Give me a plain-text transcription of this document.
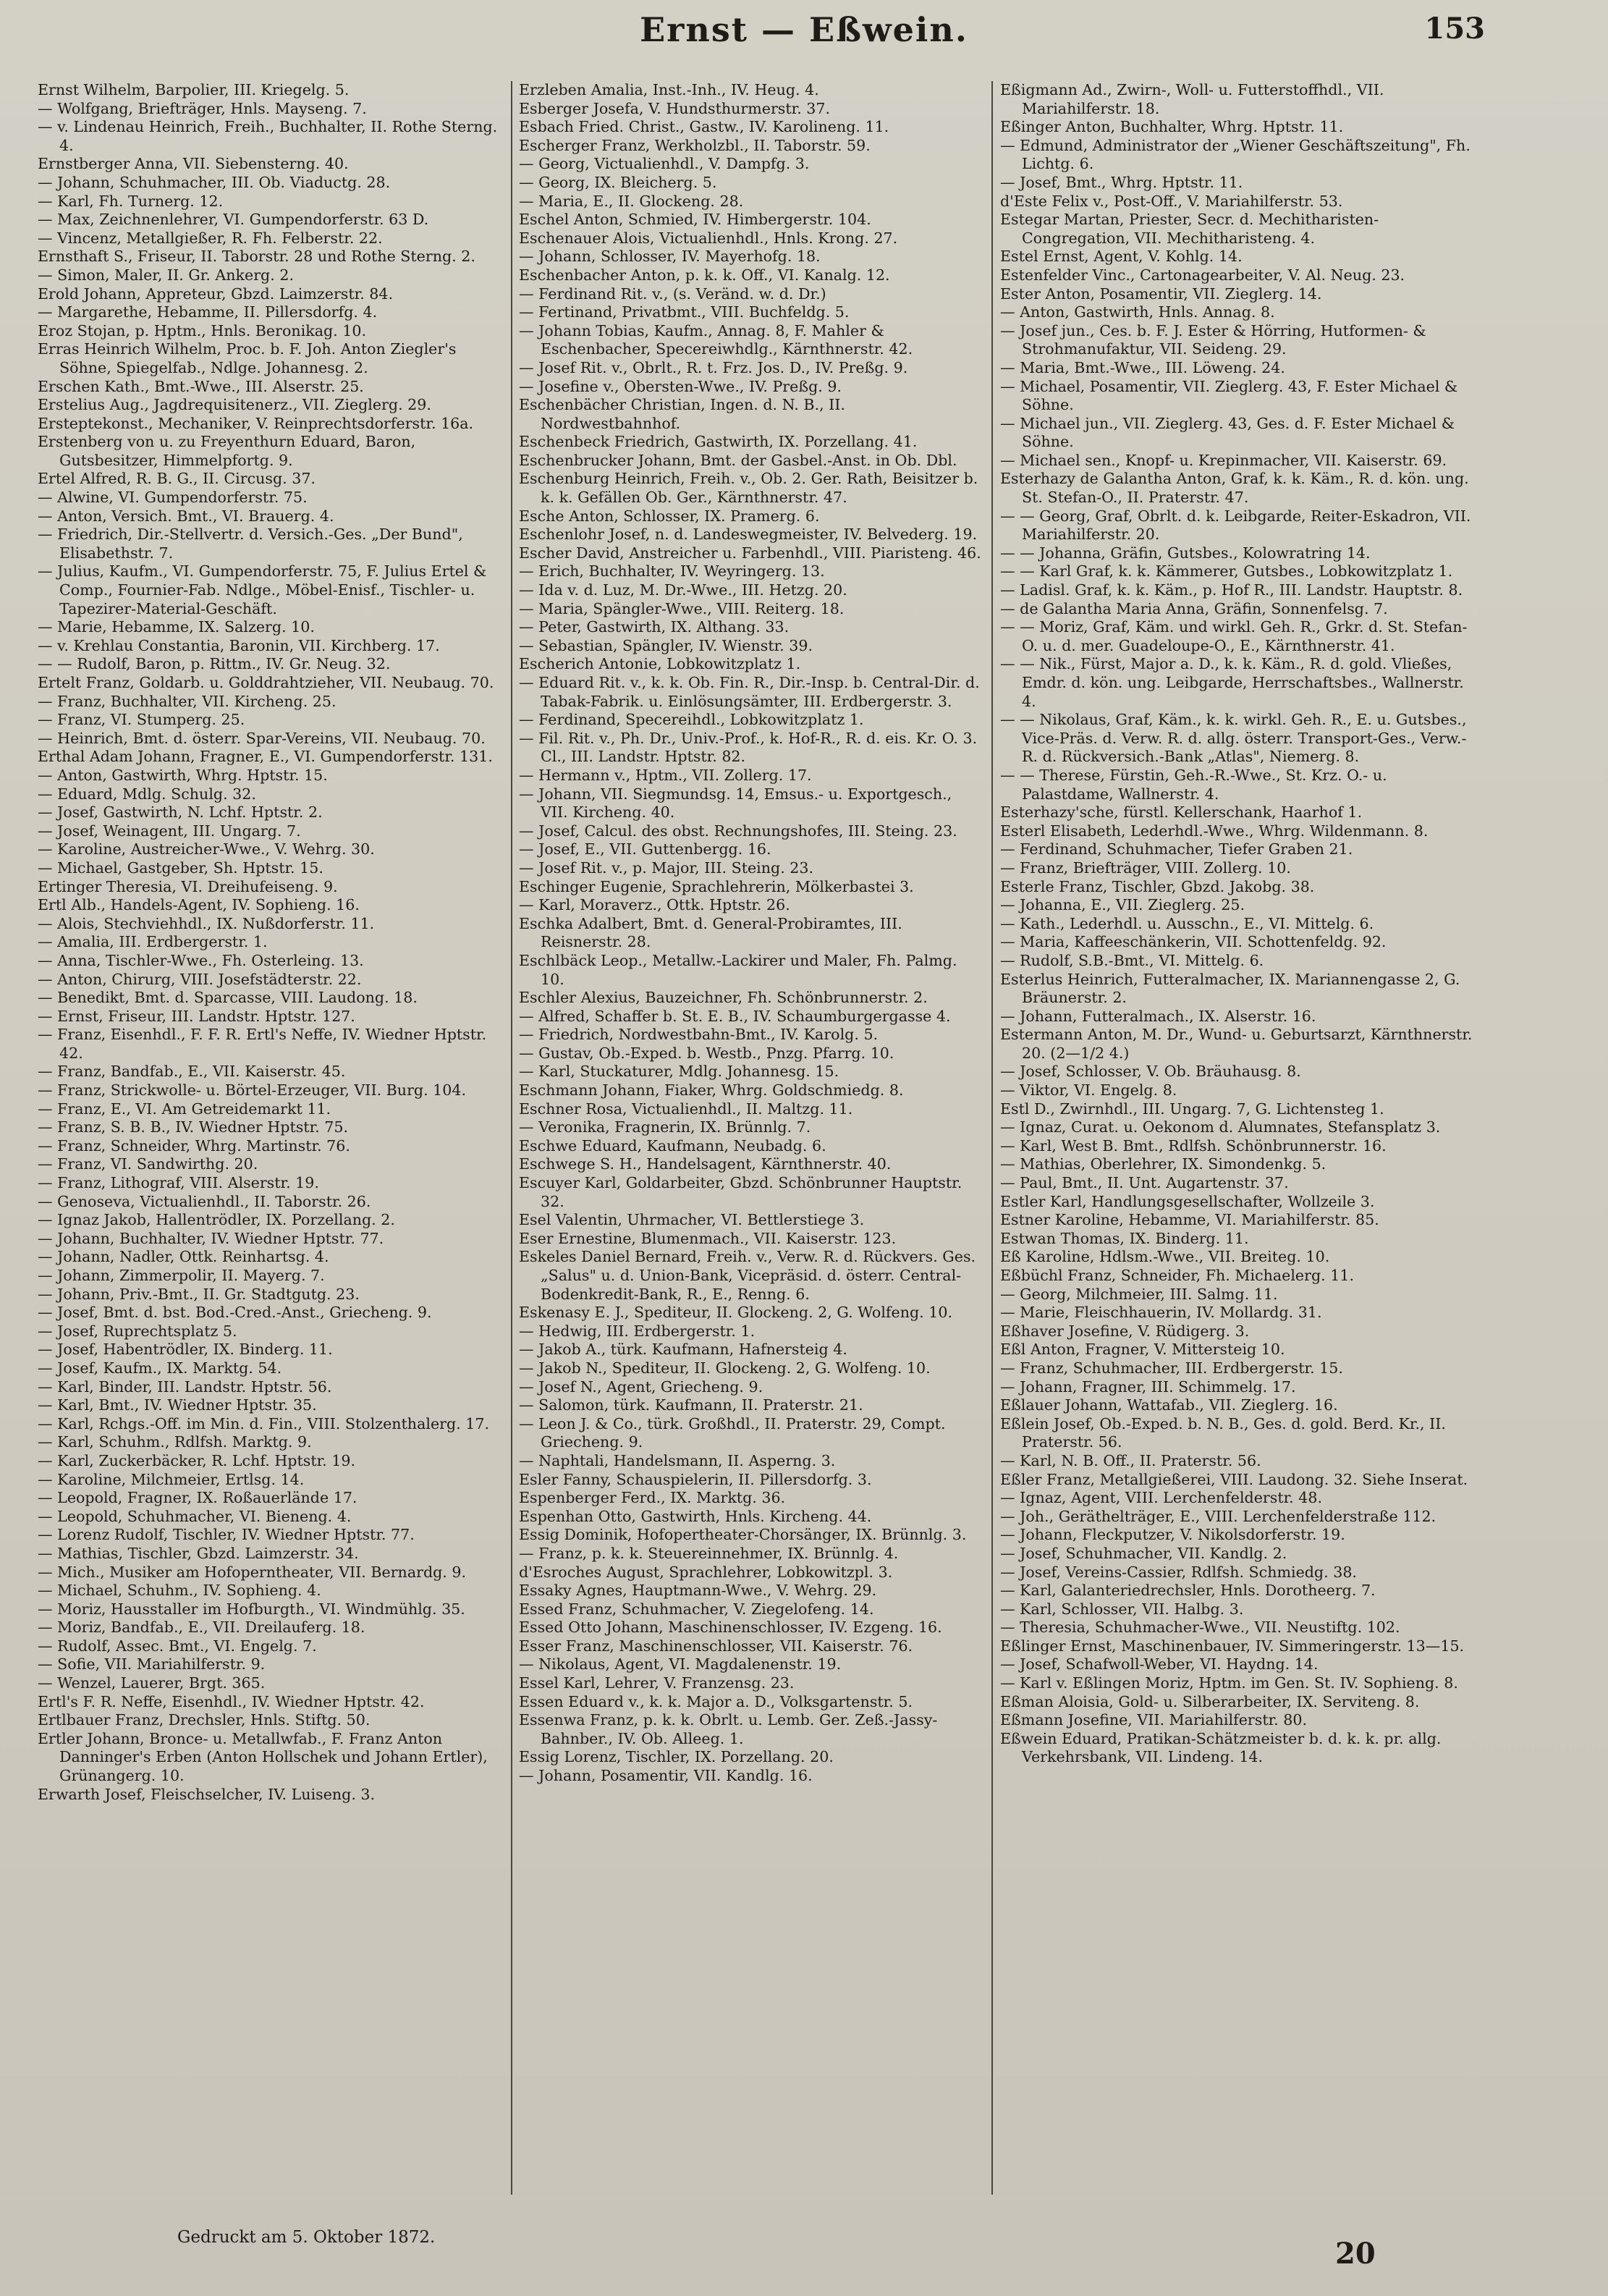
Ernst — Eßwein.	153

Ernst Wilhelm, Barpolier, III. Kriegelg. 5.

— Wolfgang, Briefträger, Hnls. Mayseng. 7.

— v. Lindenau Heinrich, Freih., Buchhalter, II. Rothe Sterng. 4.

Ernstberger Anna, VII. Siebensterng. 40.

— Johann, Schuhmacher, III. Ob. Viaductg. 28.

— Karl, Fh. Turnerg. 12.

— Max, Zeichnenlehrer, VI. Gumpendorferstr. 63 D.

— Vincenz, Metallgießer, R. Fh. Felberstr. 22.

Ernsthaft S., Friseur, II. Taborstr. 28 und Rothe Sterng. 2.

— Simon, Maler, II. Gr. Ankerg. 2.

Erold Johann, Appreteur, Gbzd. Laimzerstr. 84.

— Margarethe, Hebamme, II. Pillersdorfg. 4.

Eroz Stojan, p. Hptm., Hnls. Beronikag. 10.

Erras Heinrich Wilhelm, Proc. b. F. Joh. Anton Ziegler's Söhne, Spiegelfab., Ndlge. Johannesg. 2.

Erschen Kath., Bmt.-Wwe., III. Alserstr. 25.

Erstelius Aug., Jagdrequisitenerz., VII. Zieglerg. 29.

Ersteptekonst., Mechaniker, V. Reinprechtsdorferstr. 16a.

Erstenberg von u. zu Freyenthurn Eduard, Baron, Gutsbesitzer, Himmelpfortg. 9.

Ertel Alfred, R. B. G., II. Circusg. 37.

— Alwine, VI. Gumpendorferstr. 75.

— Anton, Versich. Bmt., VI. Brauerg. 4.

— Friedrich, Dir.-Stellvertr. d. Versich.-Ges. „Der Bund", Elisabethstr. 7.

— Julius, Kaufm., VI. Gumpendorferstr. 75, F. Julius Ertel & Comp., Fournier-Fab. Ndlge., Möbel-Enisf., Tischler- u. Tapezirer-Material-Geschäft.

— Marie, Hebamme, IX. Salzerg. 10.

— v. Krehlau Constantia, Baronin, VII. Kirchberg. 17.

— — Rudolf, Baron, p. Rittm., IV. Gr. Neug. 32.

Ertelt Franz, Goldarb. u. Golddrahtzieher, VII. Neubaug. 70.

— Franz, Buchhalter, VII. Kircheng. 25.

— Franz, VI. Stumperg. 25.

— Heinrich, Bmt. d. österr. Spar-Vereins, VII. Neubaug. 70.

Erthal Adam Johann, Fragner, E., VI. Gumpendorferstr. 131.

— Anton, Gastwirth, Whrg. Hptstr. 15.

— Eduard, Mdlg. Schulg. 32.

— Josef, Gastwirth, N. Lchf. Hptstr. 2.

— Josef, Weinagent, III. Ungarg. 7.

— Karoline, Austreicher-Wwe., V. Wehrg. 30.

— Michael, Gastgeber, Sh. Hptstr. 15.

Ertinger Theresia, VI. Dreihufeiseng. 9.

Ertl Alb., Handels-Agent, IV. Sophieng. 16.

— Alois, Stechviehhdl., IX. Nußdorferstr. 11.

— Amalia, III. Erdbergerstr. 1.

— Anna, Tischler-Wwe., Fh. Osterleing. 13.

— Anton, Chirurg, VIII. Josefstädterstr. 22.

— Benedikt, Bmt. d. Sparcasse, VIII. Laudong. 18.

— Ernst, Friseur, III. Landstr. Hptstr. 127.

— Franz, Eisenhdl., F. F. R. Ertl's Neffe, IV. Wiedner Hptstr. 42.

— Franz, Bandfab., E., VII. Kaiserstr. 45.

— Franz, Strickwolle- u. Börtel-Erzeuger, VII. Burg. 104.

— Franz, E., VI. Am Getreidemarkt 11.

— Franz, S. B. B., IV. Wiedner Hptstr. 75.

— Franz, Schneider, Whrg. Martinstr. 76.

— Franz, VI. Sandwirthg. 20.

— Franz, Lithograf, VIII. Alserstr. 19.

— Genoseva, Victualienhdl., II. Taborstr. 26.

— Ignaz Jakob, Hallentrödler, IX. Porzellang. 2.

— Johann, Buchhalter, IV. Wiedner Hptstr. 77.

— Johann, Nadler, Ottk. Reinhartsg. 4.

— Johann, Zimmerpolir, II. Mayerg. 7.

— Johann, Priv.-Bmt., II. Gr. Stadtgutg. 23.

— Josef, Bmt. d. bst. Bod.-Cred.-Anst., Griecheng. 9.

— Josef, Ruprechtsplatz 5.

— Josef, Habentrödler, IX. Binderg. 11.

— Josef, Kaufm., IX. Marktg. 54.

— Karl, Binder, III. Landstr. Hptstr. 56.

— Karl, Bmt., IV. Wiedner Hptstr. 35.

— Karl, Rchgs.-Off. im Min. d. Fin., VIII. Stolzenthalerg. 17.

— Karl, Schuhm., Rdlfsh. Marktg. 9.

— Karl, Zuckerbäcker, R. Lchf. Hptstr. 19.

— Karoline, Milchmeier, Ertlsg. 14.

— Leopold, Fragner, IX. Roßauerlände 17.

— Leopold, Schuhmacher, VI. Bieneng. 4.

— Lorenz Rudolf, Tischler, IV. Wiedner Hptstr. 77.

— Mathias, Tischler, Gbzd. Laimzerstr. 34.

— Mich., Musiker am Hofoperntheater, VII. Bernardg. 9.

— Michael, Schuhm., IV. Sophieng. 4.

— Moriz, Hausstaller im Hofburgth., VI. Windmühlg. 35.

— Moriz, Bandfab., E., VII. Dreilauferg. 18.

— Rudolf, Assec. Bmt., VI. Engelg. 7.

— Sofie, VII. Mariahilferstr. 9.

— Wenzel, Lauerer, Brgt. 365.

Ertl's F. R. Neffe, Eisenhdl., IV. Wiedner Hptstr. 42.

Ertlbauer Franz, Drechsler, Hnls. Stiftg. 50.

Ertler Johann, Bronce- u. Metallwfab., F. Franz Anton Danninger's Erben (Anton Hollschek und Johann Ertler), Grünangerg. 10.

Erwarth Josef, Fleischselcher, IV. Luiseng. 3.

Erzleben Amalia, Inst.-Inh., IV. Heug. 4.

Esberger Josefa, V. Hundsthurmerstr. 37.

Esbach Fried. Christ., Gastw., IV. Karolineng. 11.

Escherger Franz, Werkholzbl., II. Taborstr. 59.

— Georg, Victualienhdl., V. Dampfg. 3.

— Georg, IX. Bleicherg. 5.

— Maria, E., II. Glockeng. 28.

Eschel Anton, Schmied, IV. Himbergerstr. 104.

Eschenauer Alois, Victualienhdl., Hnls. Krong. 27.

— Johann, Schlosser, IV. Mayerhofg. 18.

Eschenbacher Anton, p. k. k. Off., VI. Kanalg. 12.

— Ferdinand Rit. v., (s. Veränd. w. d. Dr.)

— Fertinand, Privatbmt., VIII. Buchfeldg. 5.

— Johann Tobias, Kaufm., Annag. 8, F. Mahler & Eschenbacher, Specereiwhdlg., Kärnthnerstr. 42.

— Josef Rit. v., Obrlt., R. t. Frz. Jos. D., IV. Preßg. 9.

— Josefine v., Obersten-Wwe., IV. Preßg. 9.

Eschenbächer Christian, Ingen. d. N. B., II. Nordwestbahnhof.

Eschenbeck Friedrich, Gastwirth, IX. Porzellang. 41.

Eschenbrucker Johann, Bmt. der Gasbel.-Anst. in Ob. Dbl.

Eschenburg Heinrich, Freih. v., Ob. 2. Ger. Rath, Beisitzer b. k. k. Gefällen Ob. Ger., Kärnthnerstr. 47.

Esche Anton, Schlosser, IX. Pramerg. 6.

Eschenlohr Josef, n. d. Landeswegmeister, IV. Belvederg. 19.

Escher David, Anstreicher u. Farbenhdl., VIII. Piaristeng. 46.

— Erich, Buchhalter, IV. Weyringerg. 13.

— Ida v. d. Luz, M. Dr.-Wwe., III. Hetzg. 20.

— Maria, Spängler-Wwe., VIII. Reiterg. 18.

— Peter, Gastwirth, IX. Althang. 33.

— Sebastian, Spängler, IV. Wienstr. 39.

Escherich Antonie, Lobkowitzplatz 1.

— Eduard Rit. v., k. k. Ob. Fin. R., Dir.-Insp. b. Central-Dir. d. Tabak-Fabrik. u. Einlösungsämter, III. Erdbergerstr. 3.

— Ferdinand, Specereihdl., Lobkowitzplatz 1.

— Fil. Rit. v., Ph. Dr., Univ.-Prof., k. Hof-R., R. d. eis. Kr. O. 3. Cl., III. Landstr. Hptstr. 82.

— Hermann v., Hptm., VII. Zollerg. 17.

— Johann, VII. Siegmundsg. 14, Emsus.- u. Exportgesch., VII. Kircheng. 40.

— Josef, Calcul. des obst. Rechnungshofes, III. Steing. 23.

— Josef, E., VII. Guttenbergg. 16.

— Josef Rit. v., p. Major, III. Steing. 23.

Eschinger Eugenie, Sprachlehrerin, Mölkerbastei 3.

— Karl, Moraverz., Ottk. Hptstr. 26.

Eschka Adalbert, Bmt. d. General-Probiramtes, III. Reisnerstr. 28.

Eschlbäck Leop., Metallw.-Lackirer und Maler, Fh. Palmg. 10.

Eschler Alexius, Bauzeichner, Fh. Schönbrunnerstr. 2.

— Alfred, Schaffer b. St. E. B., IV. Schaumburgergasse 4.

— Friedrich, Nordwestbahn-Bmt., IV. Karolg. 5.

— Gustav, Ob.-Exped. b. Westb., Pnzg. Pfarrg. 10.

— Karl, Stuckaturer, Mdlg. Johannesg. 15.

Eschmann Johann, Fiaker, Whrg. Goldschmiedg. 8.

Eschner Rosa, Victualienhdl., II. Maltzg. 11.

— Veronika, Fragnerin, IX. Brünnlg. 7.

Eschwe Eduard, Kaufmann, Neubadg. 6.

Eschwege S. H., Handelsagent, Kärnthnerstr. 40.

Escuyer Karl, Goldarbeiter, Gbzd. Schönbrunner Hauptstr. 32.

Esel Valentin, Uhrmacher, VI. Bettlerstiege 3.

Eser Ernestine, Blumenmach., VII. Kaiserstr. 123.

Eskeles Daniel Bernard, Freih. v., Verw. R. d. Rückvers. Ges. „Salus" u. d. Union-Bank, Vicepräsid. d. österr. Central-Bodenkredit-Bank, R., E., Renng. 6.

Eskenasy E. J., Spediteur, II. Glockeng. 2, G. Wolfeng. 10.

— Hedwig, III. Erdbergerstr. 1.

— Jakob A., türk. Kaufmann, Hafnersteig 4.

— Jakob N., Spediteur, II. Glockeng. 2, G. Wolfeng. 10.

— Josef N., Agent, Griecheng. 9.

— Salomon, türk. Kaufmann, II. Praterstr. 21.

— Leon J. & Co., türk. Großhdl., II. Praterstr. 29, Compt. Griecheng. 9.

— Naphtali, Handelsmann, II. Asperng. 3.

Esler Fanny, Schauspielerin, II. Pillersdorfg. 3.

Espenberger Ferd., IX. Marktg. 36.

Espenhan Otto, Gastwirth, Hnls. Kircheng. 44.

Essig Dominik, Hofopertheater-Chorsänger, IX. Brünnlg. 3.

— Franz, p. k. k. Steuereinnehmer, IX. Brünnlg. 4.

d'Esroches August, Sprachlehrer, Lobkowitzpl. 3.

Essaky Agnes, Hauptmann-Wwe., V. Wehrg. 29.

Essed Franz, Schuhmacher, V. Ziegelofeng. 14.

Essed Otto Johann, Maschinenschlosser, IV. Ezgeng. 16.

Esser Franz, Maschinenschlosser, VII. Kaiserstr. 76.

— Nikolaus, Agent, VI. Magdalenenstr. 19.

Essel Karl, Lehrer, V. Franzensg. 23.

Essen Eduard v., k. k. Major a. D., Volksgartenstr. 5.

Essenwa Franz, p. k. k. Obrlt. u. Lemb. Ger. Zeß.-Jassy-Bahnber., IV. Ob. Alleeg. 1.

Essig Lorenz, Tischler, IX. Porzellang. 20.

— Johann, Posamentir, VII. Kandlg. 16.

Eßigmann Ad., Zwirn-, Woll- u. Futterstoffhdl., VII. Mariahilferstr. 18.

Eßinger Anton, Buchhalter, Whrg. Hptstr. 11.

— Edmund, Administrator der „Wiener Geschäftszeitung", Fh. Lichtg. 6.

— Josef, Bmt., Whrg. Hptstr. 11.

d'Este Felix v., Post-Off., V. Mariahilferstr. 53.

Estegar Martan, Priester, Secr. d. Mechitharisten-Congregation, VII. Mechitharisteng. 4.

Estel Ernst, Agent, V. Kohlg. 14.

Estenfelder Vinc., Cartonagearbeiter, V. Al. Neug. 23.

Ester Anton, Posamentir, VII. Zieglerg. 14.

— Anton, Gastwirth, Hnls. Annag. 8.

— Josef jun., Ces. b. F. J. Ester & Hörring, Hutformen- & Strohmanufaktur, VII. Seideng. 29.

— Maria, Bmt.-Wwe., III. Löweng. 24.

— Michael, Posamentir, VII. Zieglerg. 43, F. Ester Michael & Söhne.

— Michael jun., VII. Zieglerg. 43, Ges. d. F. Ester Michael & Söhne.

— Michael sen., Knopf- u. Krepinmacher, VII. Kaiserstr. 69.

Esterhazy de Galantha Anton, Graf, k. k. Käm., R. d. kön. ung. St. Stefan-O., II. Praterstr. 47.

— — Georg, Graf, Obrlt. d. k. Leibgarde, Reiter-Eskadron, VII. Mariahilferstr. 20.

— — Johanna, Gräfin, Gutsbes., Kolowratring 14.

— — Karl Graf, k. k. Kämmerer, Gutsbes., Lobkowitzplatz 1.

— Ladisl. Graf, k. k. Käm., p. Hof R., III. Landstr. Hauptstr. 8.

— de Galantha Maria Anna, Gräfin, Sonnenfelsg. 7.

— — Moriz, Graf, Käm. und wirkl. Geh. R., Grkr. d. St. Stefan-O. u. d. mer. Guadeloupe-O., E., Kärnthnerstr. 41.

— — Nik., Fürst, Major a. D., k. k. Käm., R. d. gold. Vließes, Emdr. d. kön. ung. Leibgarde, Herrschaftsbes., Wallnerstr. 4.

— — Nikolaus, Graf, Käm., k. k. wirkl. Geh. R., E. u. Gutsbes., Vice-Präs. d. Verw. R. d. allg. österr. Transport-Ges., Verw.-R. d. Rückversich.-Bank „Atlas", Niemerg. 8.

— — Therese, Fürstin, Geh.-R.-Wwe., St. Krz. O.- u. Palastdame, Wallnerstr. 4.

Esterhazy'sche, fürstl. Kellerschank, Haarhof 1.

Esterl Elisabeth, Lederhdl.-Wwe., Whrg. Wildenmann. 8.

— Ferdinand, Schuhmacher, Tiefer Graben 21.

— Franz, Briefträger, VIII. Zollerg. 10.

Esterle Franz, Tischler, Gbzd. Jakobg. 38.

— Johanna, E., VII. Zieglerg. 25.

— Kath., Lederhdl. u. Ausschn., E., VI. Mittelg. 6.

— Maria, Kaffeeschänkerin, VII. Schottenfeldg. 92.

— Rudolf, S.B.-Bmt., VI. Mittelg. 6.

Esterlus Heinrich, Futteralmacher, IX. Mariannengasse 2, G. Bräunerstr. 2.

— Johann, Futteralmach., IX. Alserstr. 16.

Estermann Anton, M. Dr., Wund- u. Geburtsarzt, Kärnthnerstr. 20. (2—1/2 4.)

— Josef, Schlosser, V. Ob. Bräuhausg. 8.

— Viktor, VI. Engelg. 8.

Estl D., Zwirnhdl., III. Ungarg. 7, G. Lichtensteg 1.

— Ignaz, Curat. u. Oekonom d. Alumnates, Stefansplatz 3.

— Karl, West B. Bmt., Rdlfsh. Schönbrunnerstr. 16.

— Mathias, Oberlehrer, IX. Simondenkg. 5.

— Paul, Bmt., II. Unt. Augartenstr. 37.

Estler Karl, Handlungsgesellschafter, Wollzeile 3.

Estner Karoline, Hebamme, VI. Mariahilferstr. 85.

Estwan Thomas, IX. Binderg. 11.

Eß Karoline, Hdlsm.-Wwe., VII. Breiteg. 10.

Eßbüchl Franz, Schneider, Fh. Michaelerg. 11.

— Georg, Milchmeier, III. Salmg. 11.

— Marie, Fleischhauerin, IV. Mollardg. 31.

Eßhaver Josefine, V. Rüdigerg. 3.

Eßl Anton, Fragner, V. Mittersteig 10.

— Franz, Schuhmacher, III. Erdbergerstr. 15.

— Johann, Fragner, III. Schimmelg. 17.

Eßlauer Johann, Wattafab., VII. Zieglerg. 16.

Eßlein Josef, Ob.-Exped. b. N. B., Ges. d. gold. Berd. Kr., II. Praterstr. 56.

— Karl, N. B. Off., II. Praterstr. 56.

Eßler Franz, Metallgießerei, VIII. Laudong. 32. Siehe Inserat.

— Ignaz, Agent, VIII. Lerchenfelderstr. 48.

— Joh., Geräthelträger, E., VIII. Lerchenfelderstraße 112.

— Johann, Fleckputzer, V. Nikolsdorferstr. 19.

— Josef, Schuhmacher, VII. Kandlg. 2.

— Josef, Vereins-Cassier, Rdlfsh. Schmiedg. 38.

— Karl, Galanteriedrechsler, Hnls. Dorotheerg. 7.

— Karl, Schlosser, VII. Halbg. 3.

— Theresia, Schuhmacher-Wwe., VII. Neustiftg. 102.

Eßlinger Ernst, Maschinenbauer, IV. Simmeringerstr. 13—15.

— Josef, Schafwoll-Weber, VI. Haydng. 14.

— Karl v. Eßlingen Moriz, Hptm. im Gen. St. IV. Sophieng. 8.

Eßman Aloisia, Gold- u. Silberarbeiter, IX. Serviteng. 8.

Eßmann Josefine, VII. Mariahilferstr. 80.

Eßwein Eduard, Pratikan-Schätzmeister b. d. k. k. pr. allg. Verkehrsbank, VII. Lindeng. 14.

Gedruckt am 5. Oktober 1872.	20
